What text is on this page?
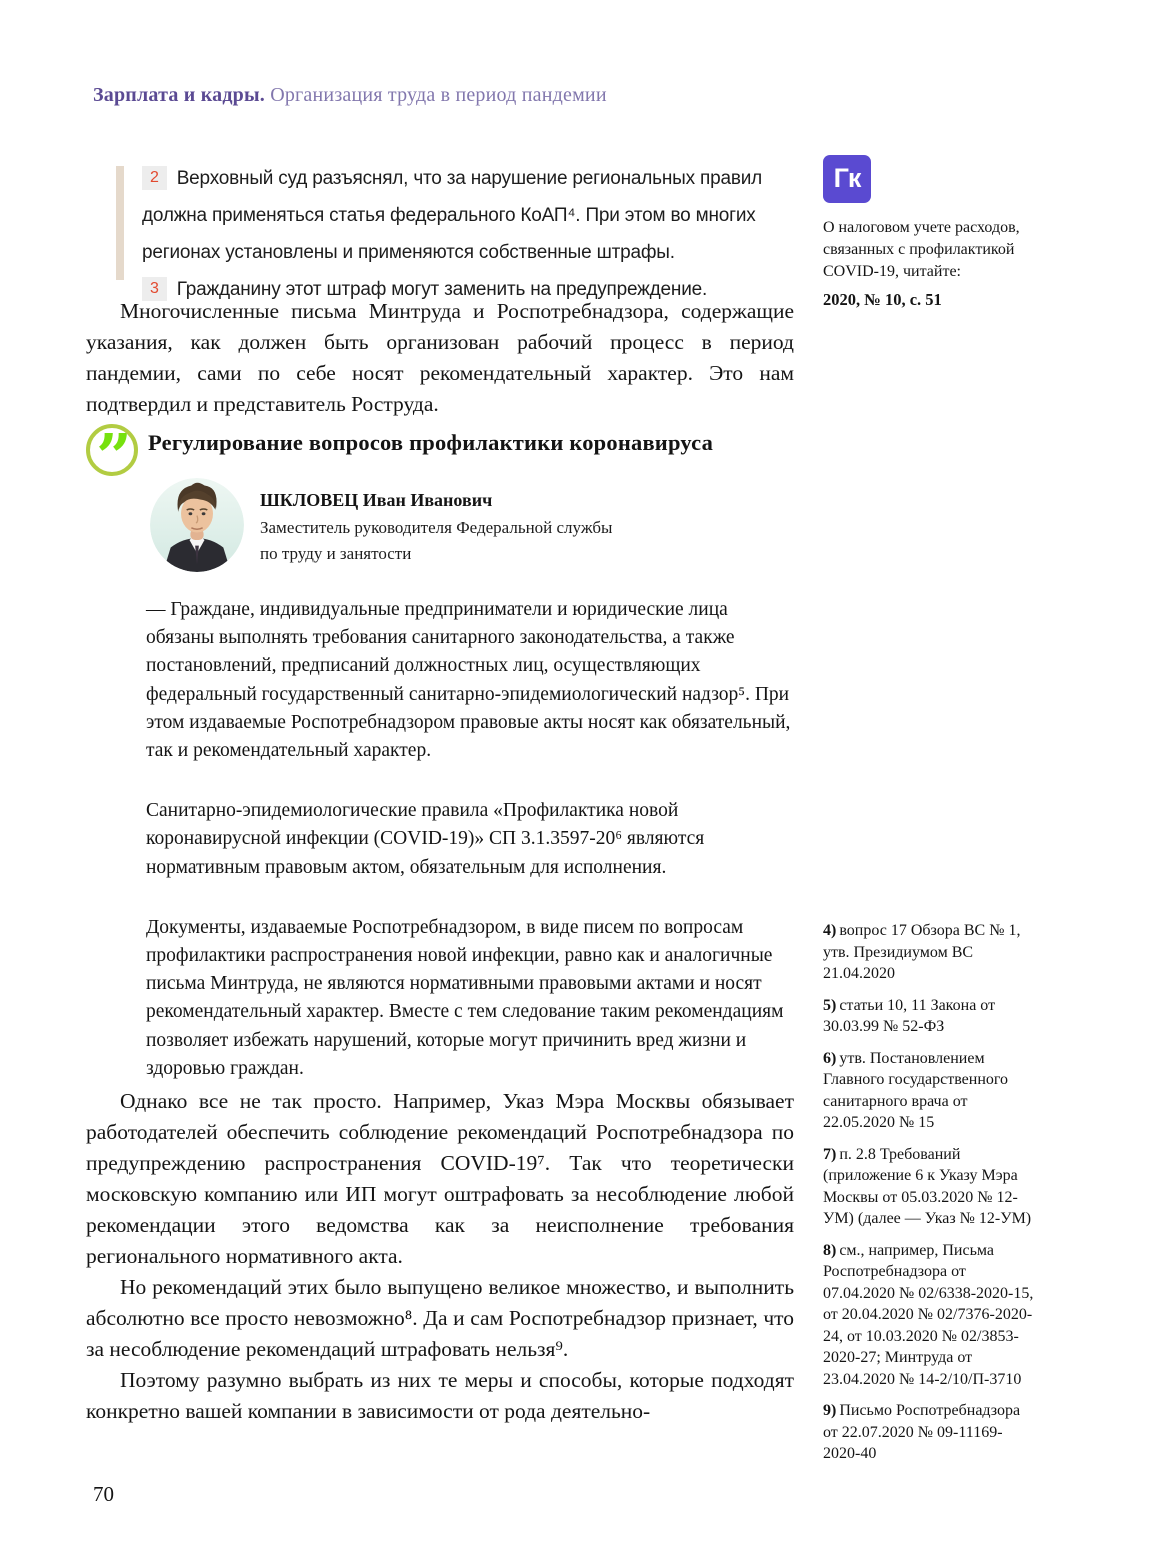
Зарплата и кадры. Организация труда в период пандемии
2 Верховный суд разъяснял, что за нарушение региональных правил должна применяться статья федерального КоАП⁴. При этом во многих регионах установлены и применяются собственные штрафы.
3 Гражданину этот штраф могут заменить на предупреждение.
Многочисленные письма Минтруда и Роспотребнадзора, содержащие указания, как должен быть организован рабочий процесс в период пандемии, сами по себе носят рекомендательный характер. Это нам подтвердил и представитель Роструда.
” Регулирование вопросов профилактики коронавируса
ШКЛОВЕЦ Иван Иванович
Заместитель руководителя Федеральной службы по труду и занятости

— Граждане, индивидуальные предприниматели и юридические лица обязаны выполнять требования санитарного законодательства, а также постановлений, предписаний должностных лиц, осуществляющих федеральный государственный санитарно-эпидемиологический надзор⁵. При этом издаваемые Роспотребнадзором правовые акты носят как обязательный, так и рекомендательный характер.

Санитарно-эпидемиологические правила «Профилактика новой коронавирусной инфекции (COVID-19)» СП 3.1.3597-20⁶ являются нормативным правовым актом, обязательным для исполнения.

Документы, издаваемые Роспотребнадзором, в виде писем по вопросам профилактики распространения новой инфекции, равно как и аналогичные письма Минтруда, не являются нормативными правовыми актами и носят рекомендательный характер. Вместе с тем следование таким рекомендациям позволяет избежать нарушений, которые могут причинить вред жизни и здоровью граждан.

Однако все не так просто. Например, Указ Мэра Москвы обязывает работодателей обеспечить соблюдение рекомендаций Роспотребнадзора по предупреждению распространения COVID-19⁷. Так что теоретически московскую компанию или ИП могут оштрафовать за несоблюдение любой рекомендации этого ведомства как за неисполнение требования регионального нормативного акта.

Но рекомендаций этих было выпущено великое множество, и выполнить абсолютно все просто невозможно⁸. Да и сам Роспотребнадзор признает, что за несоблюдение рекомендаций штрафовать нельзя⁹.

Поэтому разумно выбрать из них те меры и способы, которые подходят конкретно вашей компании в зависимости от рода деятельно-

Гк
О налоговом учете расходов, связанных с профилактикой COVID-19, читайте:
2020, № 10, с. 51
4) вопрос 17 Обзора ВС № 1, утв. Президиумом ВС 21.04.2020
5) статьи 10, 11 Закона от 30.03.99 № 52-ФЗ
6) утв. Постановлением Главного государственного санитарного врача от 22.05.2020 № 15
7) п. 2.8 Требований (приложение 6 к Указу Мэра Москвы от 05.03.2020 № 12-УМ) (далее — Указ № 12-УМ)
8) см., например, Письма Роспотребнадзора от 07.04.2020 № 02/6338-2020-15, от 20.04.2020 № 02/7376-2020-24, от 10.03.2020 № 02/3853-2020-27; Минтруда от 23.04.2020 № 14-2/10/П-3710
9) Письмо Роспотребнадзора от 22.07.2020 № 09-11169-2020-40
70
